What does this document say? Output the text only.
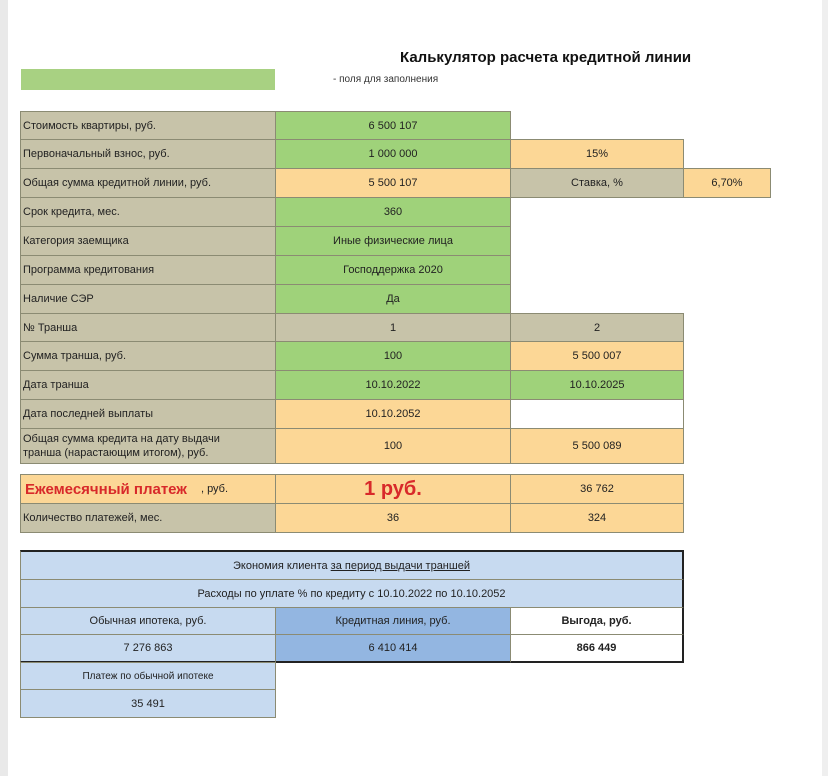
Калькулятор расчета кредитной линии
- поля для заполнения
Стоимость квартиры, руб.	6 500 107
Первоначальный взнос, руб.	1 000 000	15%
Общая сумма кредитной линии, руб.	5 500 107	Ставка, %	6,70%
Срок кредита, мес.	360
Категория заемщика	Иные физические лица
Программа кредитования	Господдержка 2020
Наличие СЭР	Да
№ Транша	1	2
Сумма транша, руб.	100	5 500 007
Дата транша	10.10.2022	10.10.2025
Дата последней выплаты	10.10.2052
Общая сумма кредита на дату выдачи
транша (нарастающим итогом), руб.
100	5 500 089
Ежемесячный платеж , руб.	1 руб.	36 762
Количество платежей, мес.	36	324
Экономия клиента за период выдачи траншей
Расходы по уплате % по кредиту с 10.10.2022 по 10.10.2052
Обычная ипотека, руб.	Кредитная линия, руб.	Выгода, руб.
7 276 863	6 410 414	866 449
Платеж по обычной ипотеке
35 491
